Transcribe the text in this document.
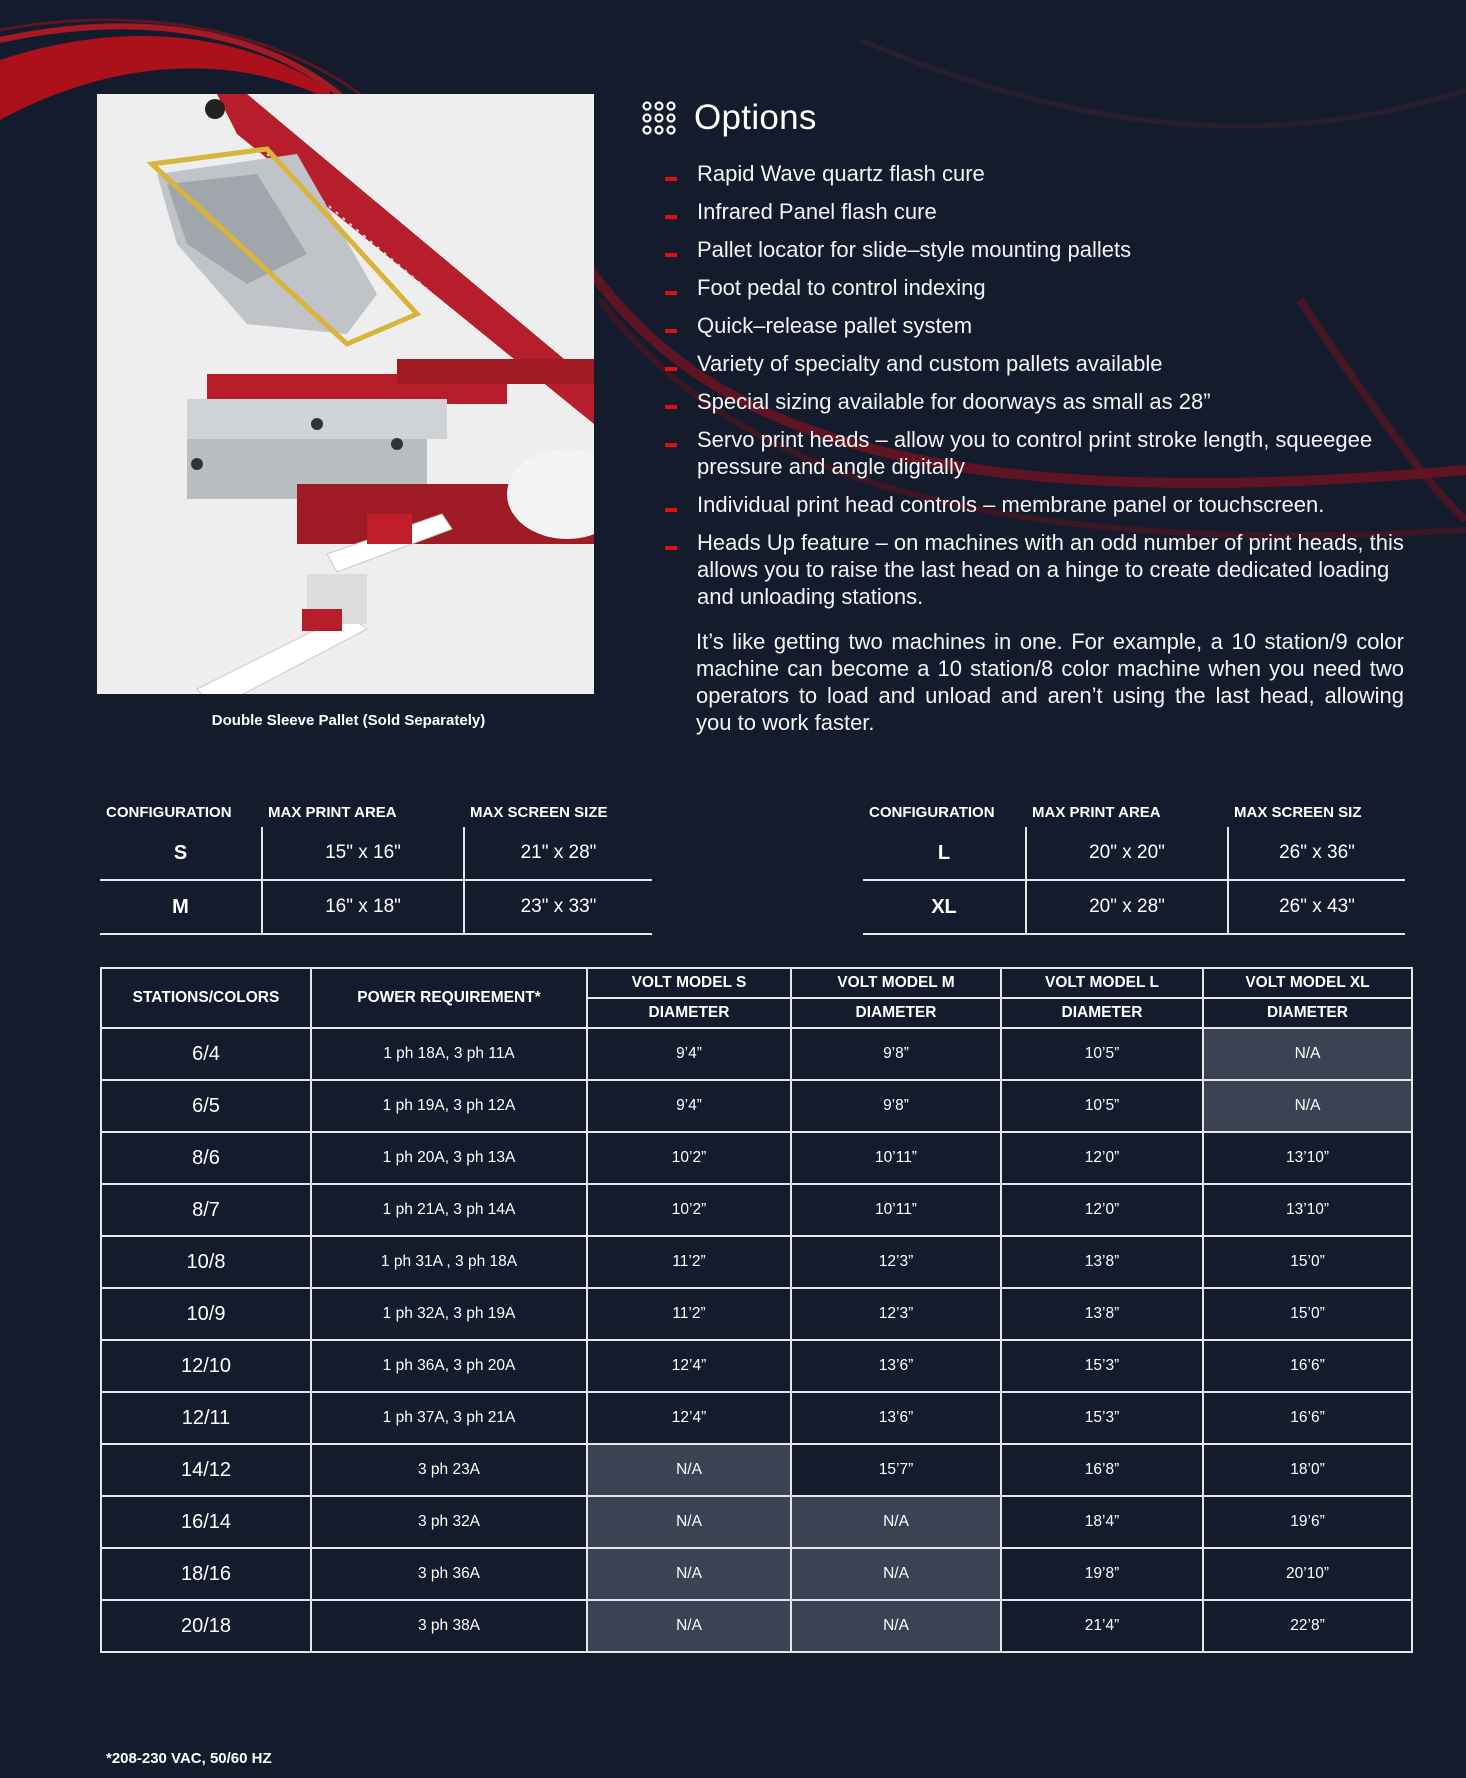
Double Sleeve Pallet (Sold Separately)
Options
Rapid Wave quartz flash cure
Infrared Panel flash cure
Pallet locator for slide–style mounting pallets
Foot pedal to control indexing
Quick–release pallet system
Variety of specialty and custom pallets available
Special sizing available for doorways as small as 28”
Servo print heads – allow you to control print stroke length, squeegee pressure and angle digitally
Individual print head controls – membrane panel or touchscreen.
Heads Up feature – on machines with an odd number of print heads, this allows you to raise the last head on a hinge to create dedicated loading and unloading stations.

It’s like getting two machines in one. For example, a 10 station/9 color machine can become a 10 station/8 color machine when you need two operators to load and unload and aren’t using the last head, allowing you to work faster.

CONFIGURATION	MAX PRINT AREA	MAX SCREEN SIZE
S	15" x 16"	21" x 28"
M	16" x 18"	23" x 33"
CONFIGURATION	MAX PRINT AREA	MAX SCREEN SIZ
L	20" x 20"	26" x 36"
XL	20" x 28"	26" x 43"
STATIONS/COLORS	POWER REQUIREMENT*	VOLT MODEL S	VOLT MODEL M	VOLT MODEL L	VOLT MODEL XL
		DIAMETER	DIAMETER	DIAMETER	DIAMETER
6/4	1 ph 18A, 3 ph 11A	9’4”	9’8”	10’5”	N/A
6/5	1 ph 19A, 3 ph 12A	9’4”	9’8”	10’5”	N/A
8/6	1 ph 20A, 3 ph 13A	10’2”	10’11”	12’0”	13’10”
8/7	1 ph 21A, 3 ph 14A	10’2”	10’11”	12’0”	13’10”
10/8	1 ph 31A , 3 ph 18A	11’2”	12’3”	13’8”	15’0”
10/9	1 ph 32A, 3 ph 19A	11’2”	12’3”	13’8”	15’0”
12/10	1 ph 36A, 3 ph 20A	12’4”	13’6”	15’3”	16’6”
12/11	1 ph 37A, 3 ph 21A	12’4”	13’6”	15’3”	16’6”
14/12	3 ph 23A	N/A	15’7”	16’8”	18’0”
16/14	3 ph 32A	N/A	N/A	18’4”	19’6”
18/16	3 ph 36A	N/A	N/A	19’8”	20’10”
20/18	3 ph 38A	N/A	N/A	21’4”	22’8”
*208-230 VAC, 50/60 HZ
